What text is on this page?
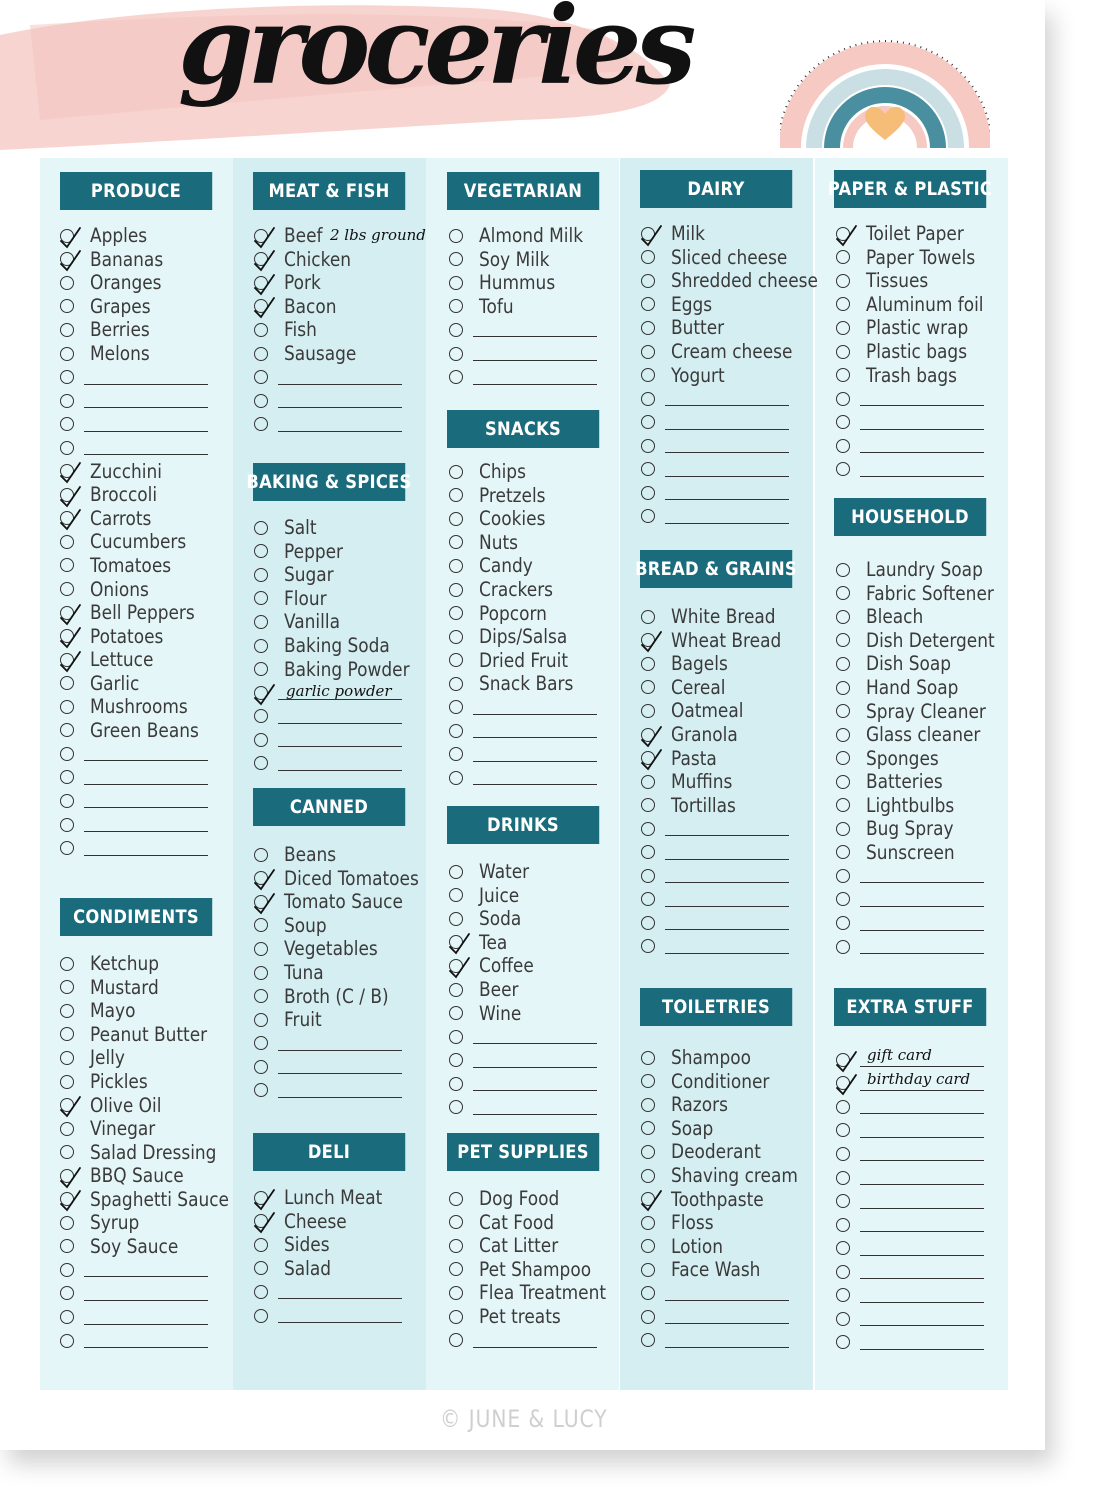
groceries
PRODUCE
Apples
Bananas
Oranges
Grapes
Berries
Melons
Zucchini
Broccoli
Carrots
Cucumbers
Tomatoes
Onions
Bell Peppers
Potatoes
Lettuce
Garlic
Mushrooms
Green Beans
CONDIMENTS
Ketchup
Mustard
Mayo
Peanut Butter
Jelly
Pickles
Olive Oil
Vinegar
Salad Dressing
BBQ Sauce
Spaghetti Sauce
Syrup
Soy Sauce
MEAT & FISH
Beef
Chicken
Pork
Bacon
Fish
Sausage
BAKING & SPICES
Salt
Pepper
Sugar
Flour
Vanilla
Baking Soda
Baking Powder
CANNED
Beans
Diced Tomatoes
Tomato Sauce
Soup
Vegetables
Tuna
Broth (C / B)
Fruit
DELI
Lunch Meat
Cheese
Sides
Salad
VEGETARIAN
Almond Milk
Soy Milk
Hummus
Tofu
SNACKS
Chips
Pretzels
Cookies
Nuts
Candy
Crackers
Popcorn
Dips/Salsa
Dried Fruit
Snack Bars
DRINKS
Water
Juice
Soda
Tea
Coffee
Beer
Wine
PET SUPPLIES
Dog Food
Cat Food
Cat Litter
Pet Shampoo
Flea Treatment
Pet treats
DAIRY
Milk
Sliced cheese
Shredded cheese
Eggs
Butter
Cream cheese
Yogurt
BREAD & GRAINS
White Bread
Wheat Bread
Bagels
Cereal
Oatmeal
Granola
Pasta
Muffins
Tortillas
TOILETRIES
Shampoo
Conditioner
Razors
Soap
Deoderant
Shaving cream
Toothpaste
Floss
Lotion
Face Wash
PAPER & PLASTIC
Toilet Paper
Paper Towels
Tissues
Aluminum foil
Plastic wrap
Plastic bags
Trash bags
HOUSEHOLD
Laundry Soap
Fabric Softener
Bleach
Dish Detergent
Dish Soap
Hand Soap
Spray Cleaner
Glass cleaner
Sponges
Batteries
Lightbulbs
Bug Spray
Sunscreen
EXTRA STUFF
2 lbs ground
garlic powder
gift card
birthday card
© JUNE & LUCY
